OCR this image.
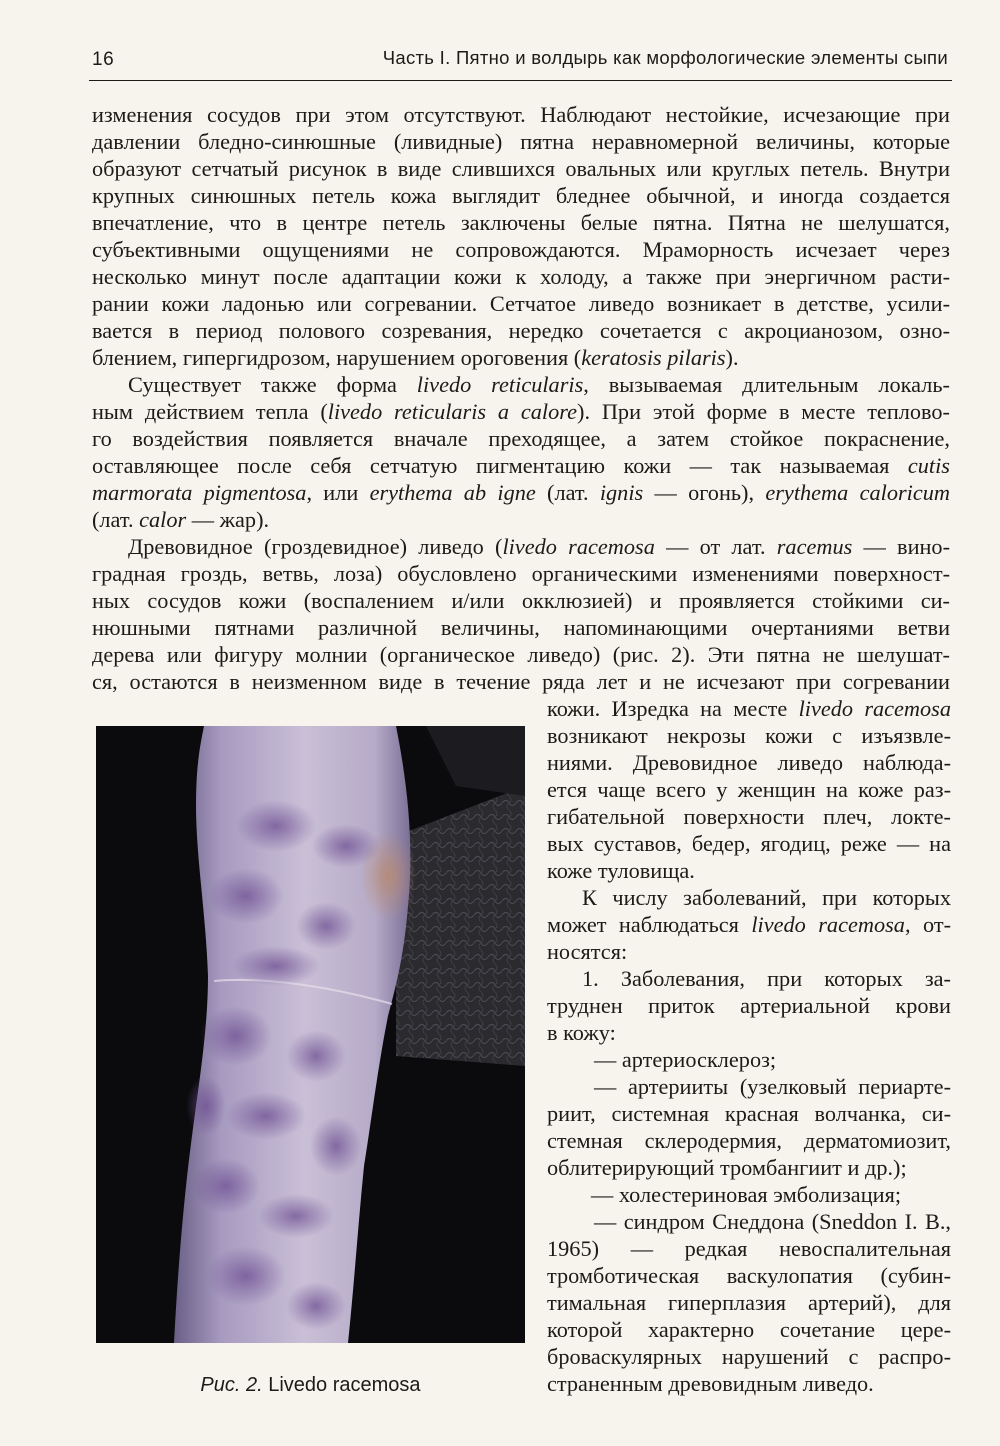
16	Часть I. Пятно и волдырь как морфологические элементы сыпи
изменения сосудов при этом отсутствуют. Наблюдают нестойкие, исчезающие при
давлении бледно-синюшные (ливидные) пятна неравномерной величины, которые
образуют сетчатый рисунок в виде слившихся овальных или круглых петель. Внутри
крупных синюшных петель кожа выглядит бледнее обычной, и иногда создается
впечатление, что в центре петель заключены белые пятна. Пятна не шелушатся,
субъективными ощущениями не сопровождаются. Мраморность исчезает через
несколько минут после адаптации кожи к холоду, а также при энергичном расти-
рании кожи ладонью или согревании. Сетчатое ливедо возникает в детстве, усили-
вается в период полового созревания, нередко сочетается с акроцианозом, озно-
блением, гипергидрозом, нарушением ороговения (keratosis pilaris).
Существует также форма livedo reticularis, вызываемая длительным локаль-
ным действием тепла (livedo reticularis a calore). При этой форме в месте теплово-
го воздействия появляется вначале преходящее, а затем стойкое покраснение,
оставляющее после себя сетчатую пигментацию кожи — так называемая cutis
marmorata pigmentosa, или erythema ab igne (лат. ignis — огонь), erythema caloricum
(лат. calor — жар).
Древовидное (гроздевидное) ливедо (livedo racemosa — от лат. racemus — вино-
градная гроздь, ветвь, лоза) обусловлено органическими изменениями поверхност-
ных сосудов кожи (воспалением и/или окклюзией) и проявляется стойкими си-
нюшными пятнами различной величины, напоминающими очертаниями ветви
дерева или фигуру молнии (органическое ливедо) (рис. 2). Эти пятна не шелушат-
ся, остаются в неизменном виде в течение ряда лет и не исчезают при согревании
кожи. Изредка на месте livedo racemosa
возникают некрозы кожи с изъязвле-
ниями. Древовидное ливедо наблюда-
ется чаще всего у женщин на коже раз-
гибательной поверхности плеч, локте-
вых суставов, бедер, ягодиц, реже — на
коже туловища.
К числу заболеваний, при которых
может наблюдаться livedo racemosa, от-
носятся:
1. Заболевания, при которых за-
труднен приток артериальной крови
в кожу:
— артериосклероз;
— артерииты (узелковый периарте-
риит, системная красная волчанка, си-
стемная склеродермия, дерматомиозит,
облитерирующий тромбангиит и др.);
— холестериновая эмболизация;
— синдром Снеддона (Sneddon I. B.,
1965) — редкая невоспалительная
тромботическая васкулопатия (субин-
тимальная гиперплазия артерий), для
которой характерно сочетание цере-
броваскулярных нарушений с распро-
страненным древовидным ливедо.
Рис. 2. Livedo racemosa
